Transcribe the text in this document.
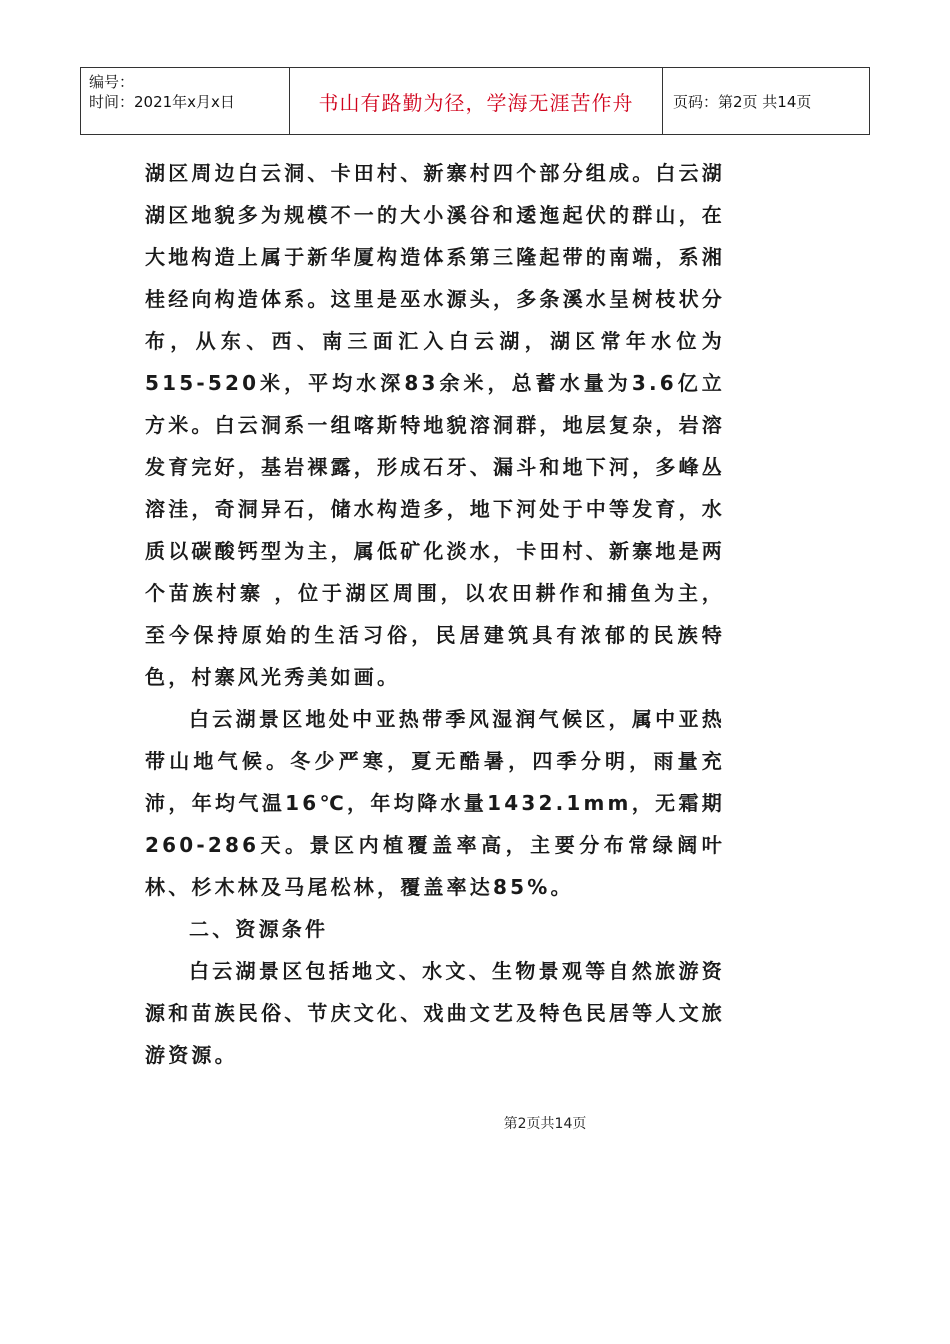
编号：
时间：2021年x月x日	书山有路勤为径，学海无涯苦作舟	页码：第2页 共14页

湖区周边白云洞、卡田村、新寨村四个部分组成。白云湖湖区地貌多为规模不一的大小溪谷和逶迤起伏的群山，在大地构造上属于新华厦构造体系第三隆起带的南端，系湘桂经向构造体系。这里是巫水源头，多条溪水呈树枝状分布，从东、西、南三面汇入白云湖，湖区常年水位为515-520米，平均水深83余米，总蓄水量为3.6亿立方米。白云洞系一组喀斯特地貌溶洞群，地层复杂，岩溶发育完好，基岩裸露，形成石牙、漏斗和地下河，多峰丛溶洼，奇洞异石，储水构造多，地下河处于中等发育，水质以碳酸钙型为主，属低矿化淡水，卡田村、新寨地是两个苗族村寨 ，位于湖区周围，以农田耕作和捕鱼为主，至今保持原始的生活习俗，民居建筑具有浓郁的民族特色，村寨风光秀美如画。

白云湖景区地处中亚热带季风湿润气候区，属中亚热带山地气候。冬少严寒，夏无酷暑，四季分明，雨量充沛，年均气温16℃，年均降水量1432.1mm，无霜期260-286天。景区内植覆盖率高，主要分布常绿阔叶林、杉木林及马尾松林，覆盖率达85%。

二、资源条件

白云湖景区包括地文、水文、生物景观等自然旅游资源和苗族民俗、节庆文化、戏曲文艺及特色民居等人文旅游资源。

第2页共14页
